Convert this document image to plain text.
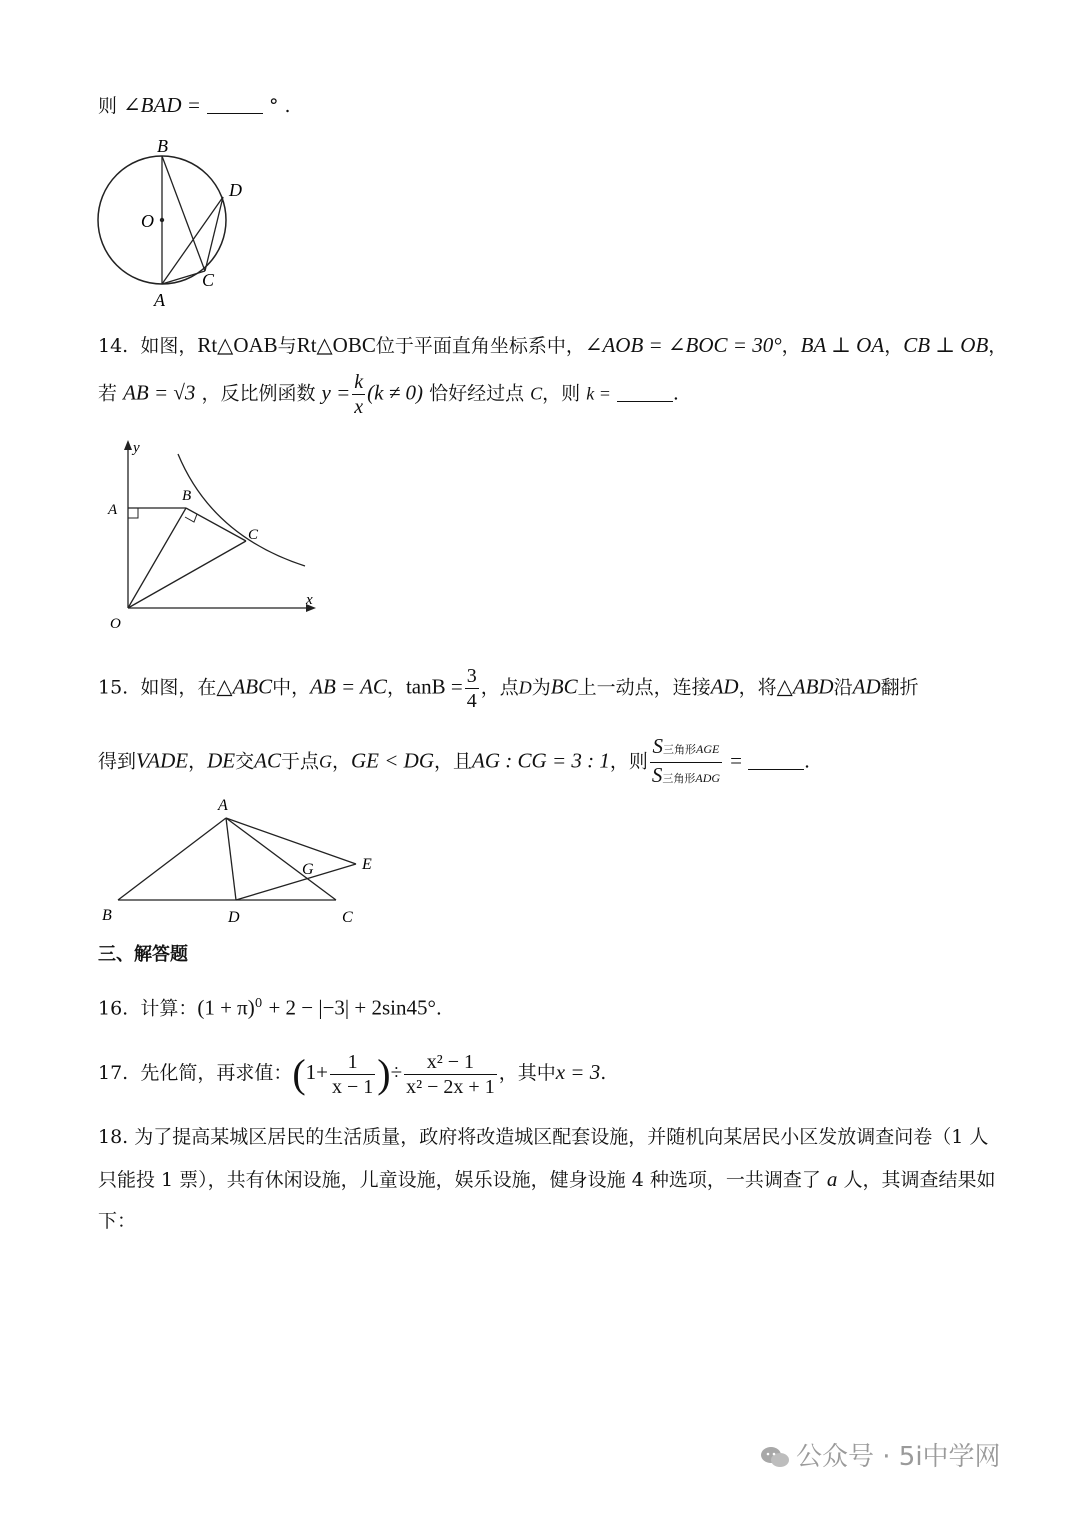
则 ∠BAD =	° .
B
D
O
C
A
14. 如图，Rt△OAB与Rt△OBC位于平面直角坐标系中，∠AOB = ∠BOC = 30°，BA ⊥ OA，CB ⊥ OB，
若 AB = √3 ，反比例函数 $y = \frac{k}{x} (k \ne 0)$ 恰好经过点 C，则 k =	.
y
A
B
C
O
x
15. 如图，在△ABC中，AB = AC，$\tan B = \frac{3}{4}$ ，点D为BC上一动点，连接AD，将△ABD沿AD翻折
得到VADE，DE交AC于点G，GE < DG，且AG : CG = 3 : 1，则 $\frac{\text{S三角形AGE}}{\text{S三角形ADG}}$ =	.
A
G	E
B	D	C
三、解答题
16. 计算：$(1 + \pi)^0 + 2 - |-3| + 2\sin 45^\circ$.
17. 先化简，再求值：($1+ \frac{1}{x - 1}$ )÷ $\frac{\text{x² − 1}}{\text{x² − 2x + 1}}$ ，其中x = 3.
18. 为了提高某城区居民的生活质量，政府将改造城区配套设施，并随机向某居民小区发放调查问卷（1 人
只能投 1 票），共有休闲设施，儿童设施，娱乐设施，健身设施 4 种选项，一共调查了 a 人，其调查结果如
下：
公众号 · 5i中学网
